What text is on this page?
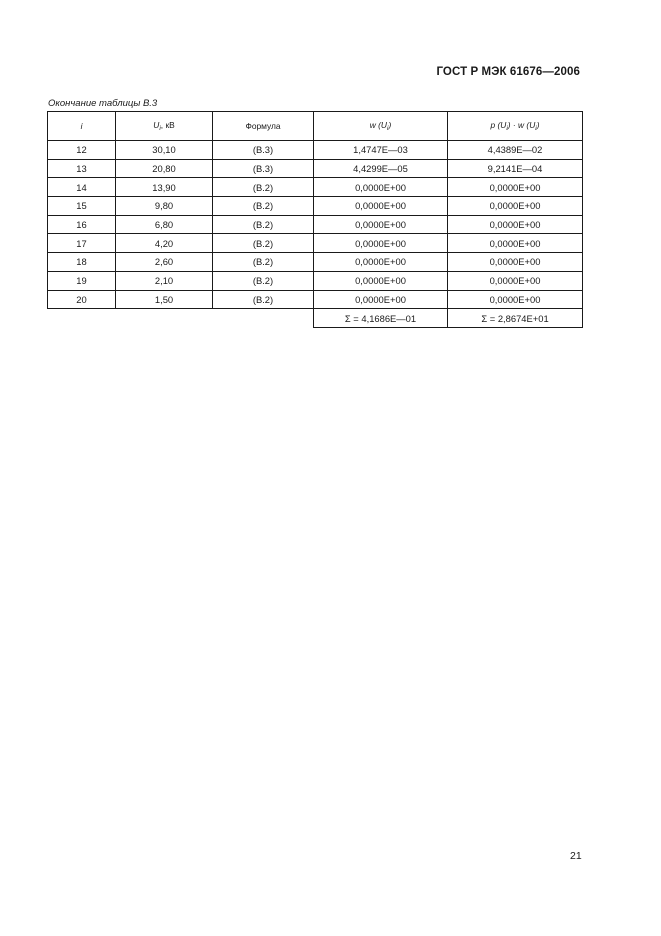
ГОСТ Р МЭК 61676—2006
Окончание таблицы В.3
i	$U_i$, кВ	Формула	w $(U_i)$	p $(U_i) \cdot w$ $(U_i)$
12	30,10	(В.3)	1,4747E—03	4,4389E—02
13	20,80	(В.3)	4,4299E—05	9,2141E—04
14	13,90	(В.2)	0,0000E+00	0,0000E+00
15	9,80	(В.2)	0,0000E+00	0,0000E+00
16	6,80	(В.2)	0,0000E+00	0,0000E+00
17	4,20	(В.2)	0,0000E+00	0,0000E+00
18	2,60	(В.2)	0,0000E+00	0,0000E+00
19	2,10	(В.2)	0,0000E+00	0,0000E+00
20	1,50	(В.2)	0,0000E+00	0,0000E+00
			Σ = 4,1686E—01	Σ = 2,8674E+01
21
